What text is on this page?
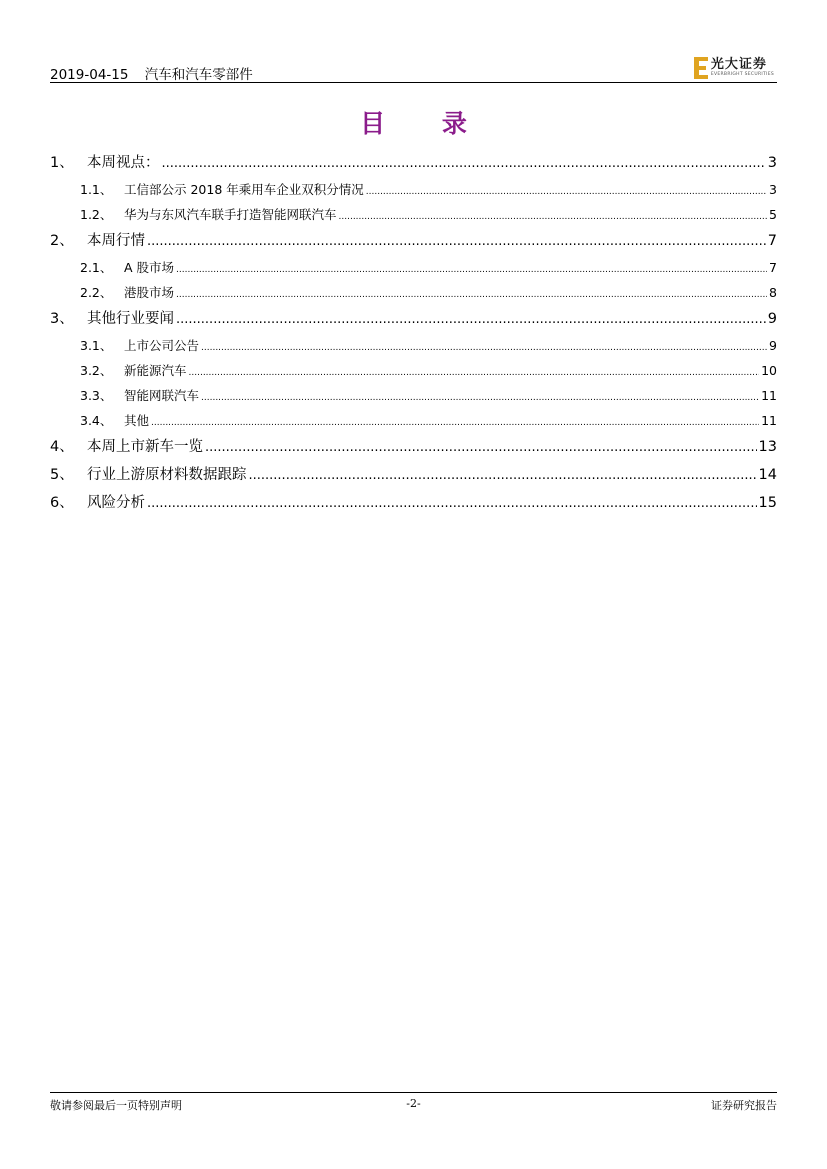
2019-04-15 汽车和汽车零部件
光大证券
EVERBRIGHT SECURITIES
目 录
1、 本周视点： .....	3
1.1、 工信部公示 2018 年乘用车企业双积分情况 .....	3
1.2、 华为与东风汽车联手打造智能网联汽车 .....	5
2、 本周行情 .....	7
2.1、 A 股市场 .....	7
2.2、 港股市场 .....	8
3、 其他行业要闻 .....	9
3.1、 上市公司公告 .....	9
3.2、 新能源汽车 .....	10
3.3、 智能网联汽车 .....	11
3.4、 其他 .....	11
4、 本周上市新车一览 .....	13
5、 行业上游原材料数据跟踪 .....	14
6、 风险分析 .....	15
敬请参阅最后一页特别声明	-2-	证券研究报告
